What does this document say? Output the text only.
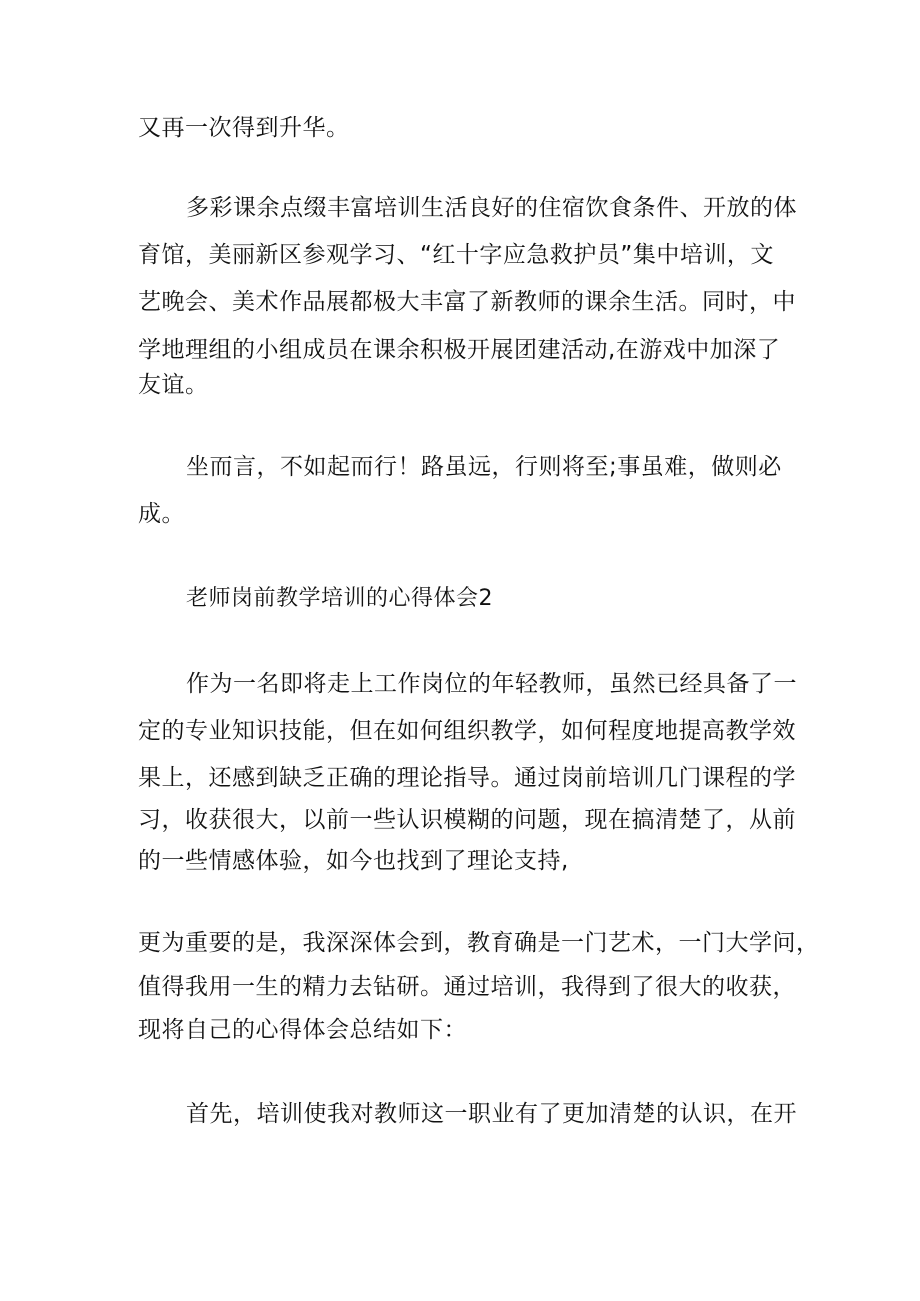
又再一次得到升华。
多彩课余点缀丰富培训生活良好的住宿饮食条件、开放的体
育馆，美丽新区参观学习、“红十字应急救护员”集中培训，文
艺晚会、美术作品展都极大丰富了新教师的课余生活。同时，中
学地理组的小组成员在课余积极开展团建活动,在游戏中加深了
友谊。
坐而言，不如起而行！路虽远，行则将至;事虽难，做则必
成。
老师岗前教学培训的心得体会2
作为一名即将走上工作岗位的年轻教师，虽然已经具备了一
定的专业知识技能，但在如何组织教学，如何程度地提高教学效
果上，还感到缺乏正确的理论指导。通过岗前培训几门课程的学
习，收获很大，以前一些认识模糊的问题，现在搞清楚了，从前
的一些情感体验，如今也找到了理论支持,
更为重要的是，我深深体会到，教育确是一门艺术，一门大学问，
值得我用一生的精力去钻研。通过培训，我得到了很大的收获，
现将自己的心得体会总结如下：
首先，培训使我对教师这一职业有了更加清楚的认识，在开
